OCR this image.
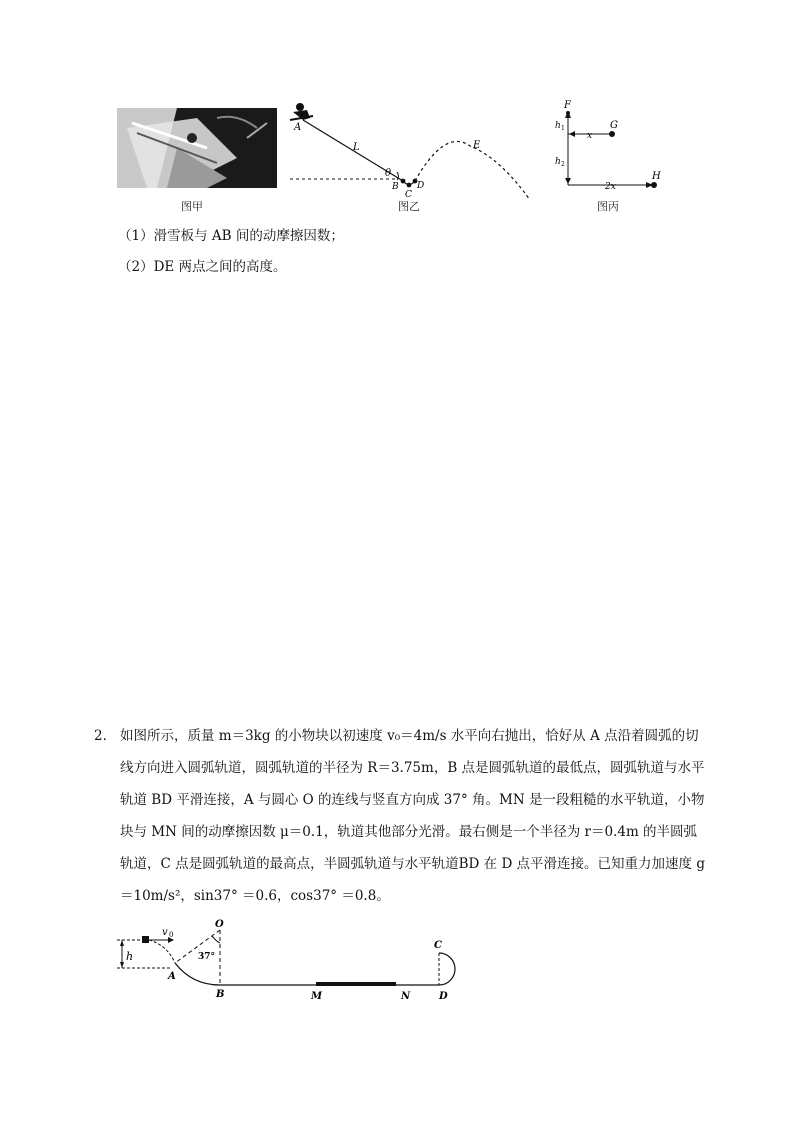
图甲
A
L	E
θ
B
C
D
图乙
F
G
H
h 1
h 2
x
2x
图丙
（1）滑雪板与 AB 间的动摩擦因数；
（2）DE 两点之间的高度。
2. 如图所示，质量 m＝3kg 的小物块以初速度 v₀＝4m/s 水平向右抛出，恰好从 A 点沿着圆弧的切线方向进入圆弧轨道，圆弧轨道的半径为 R＝3.75m，B 点是圆弧轨道的最低点，圆弧轨道与水平轨道 BD 平滑连接，A 与圆心 O 的连线与竖直方向成 37° 角。MN 是一段粗糙的水平轨道，小物块与 MN 间的动摩擦因数 μ＝0.1，轨道其他部分光滑。最右侧是一个半径为 r＝0.4m 的半圆弧轨道，C 点是圆弧轨道的最高点，半圆弧轨道与水平轨道BD 在 D 点平滑连接。已知重力加速度 g＝10m/s²，sin37° ＝0.6，cos37° ＝0.8。
v 0
h
O
37°
A
B	M	N
C
D
